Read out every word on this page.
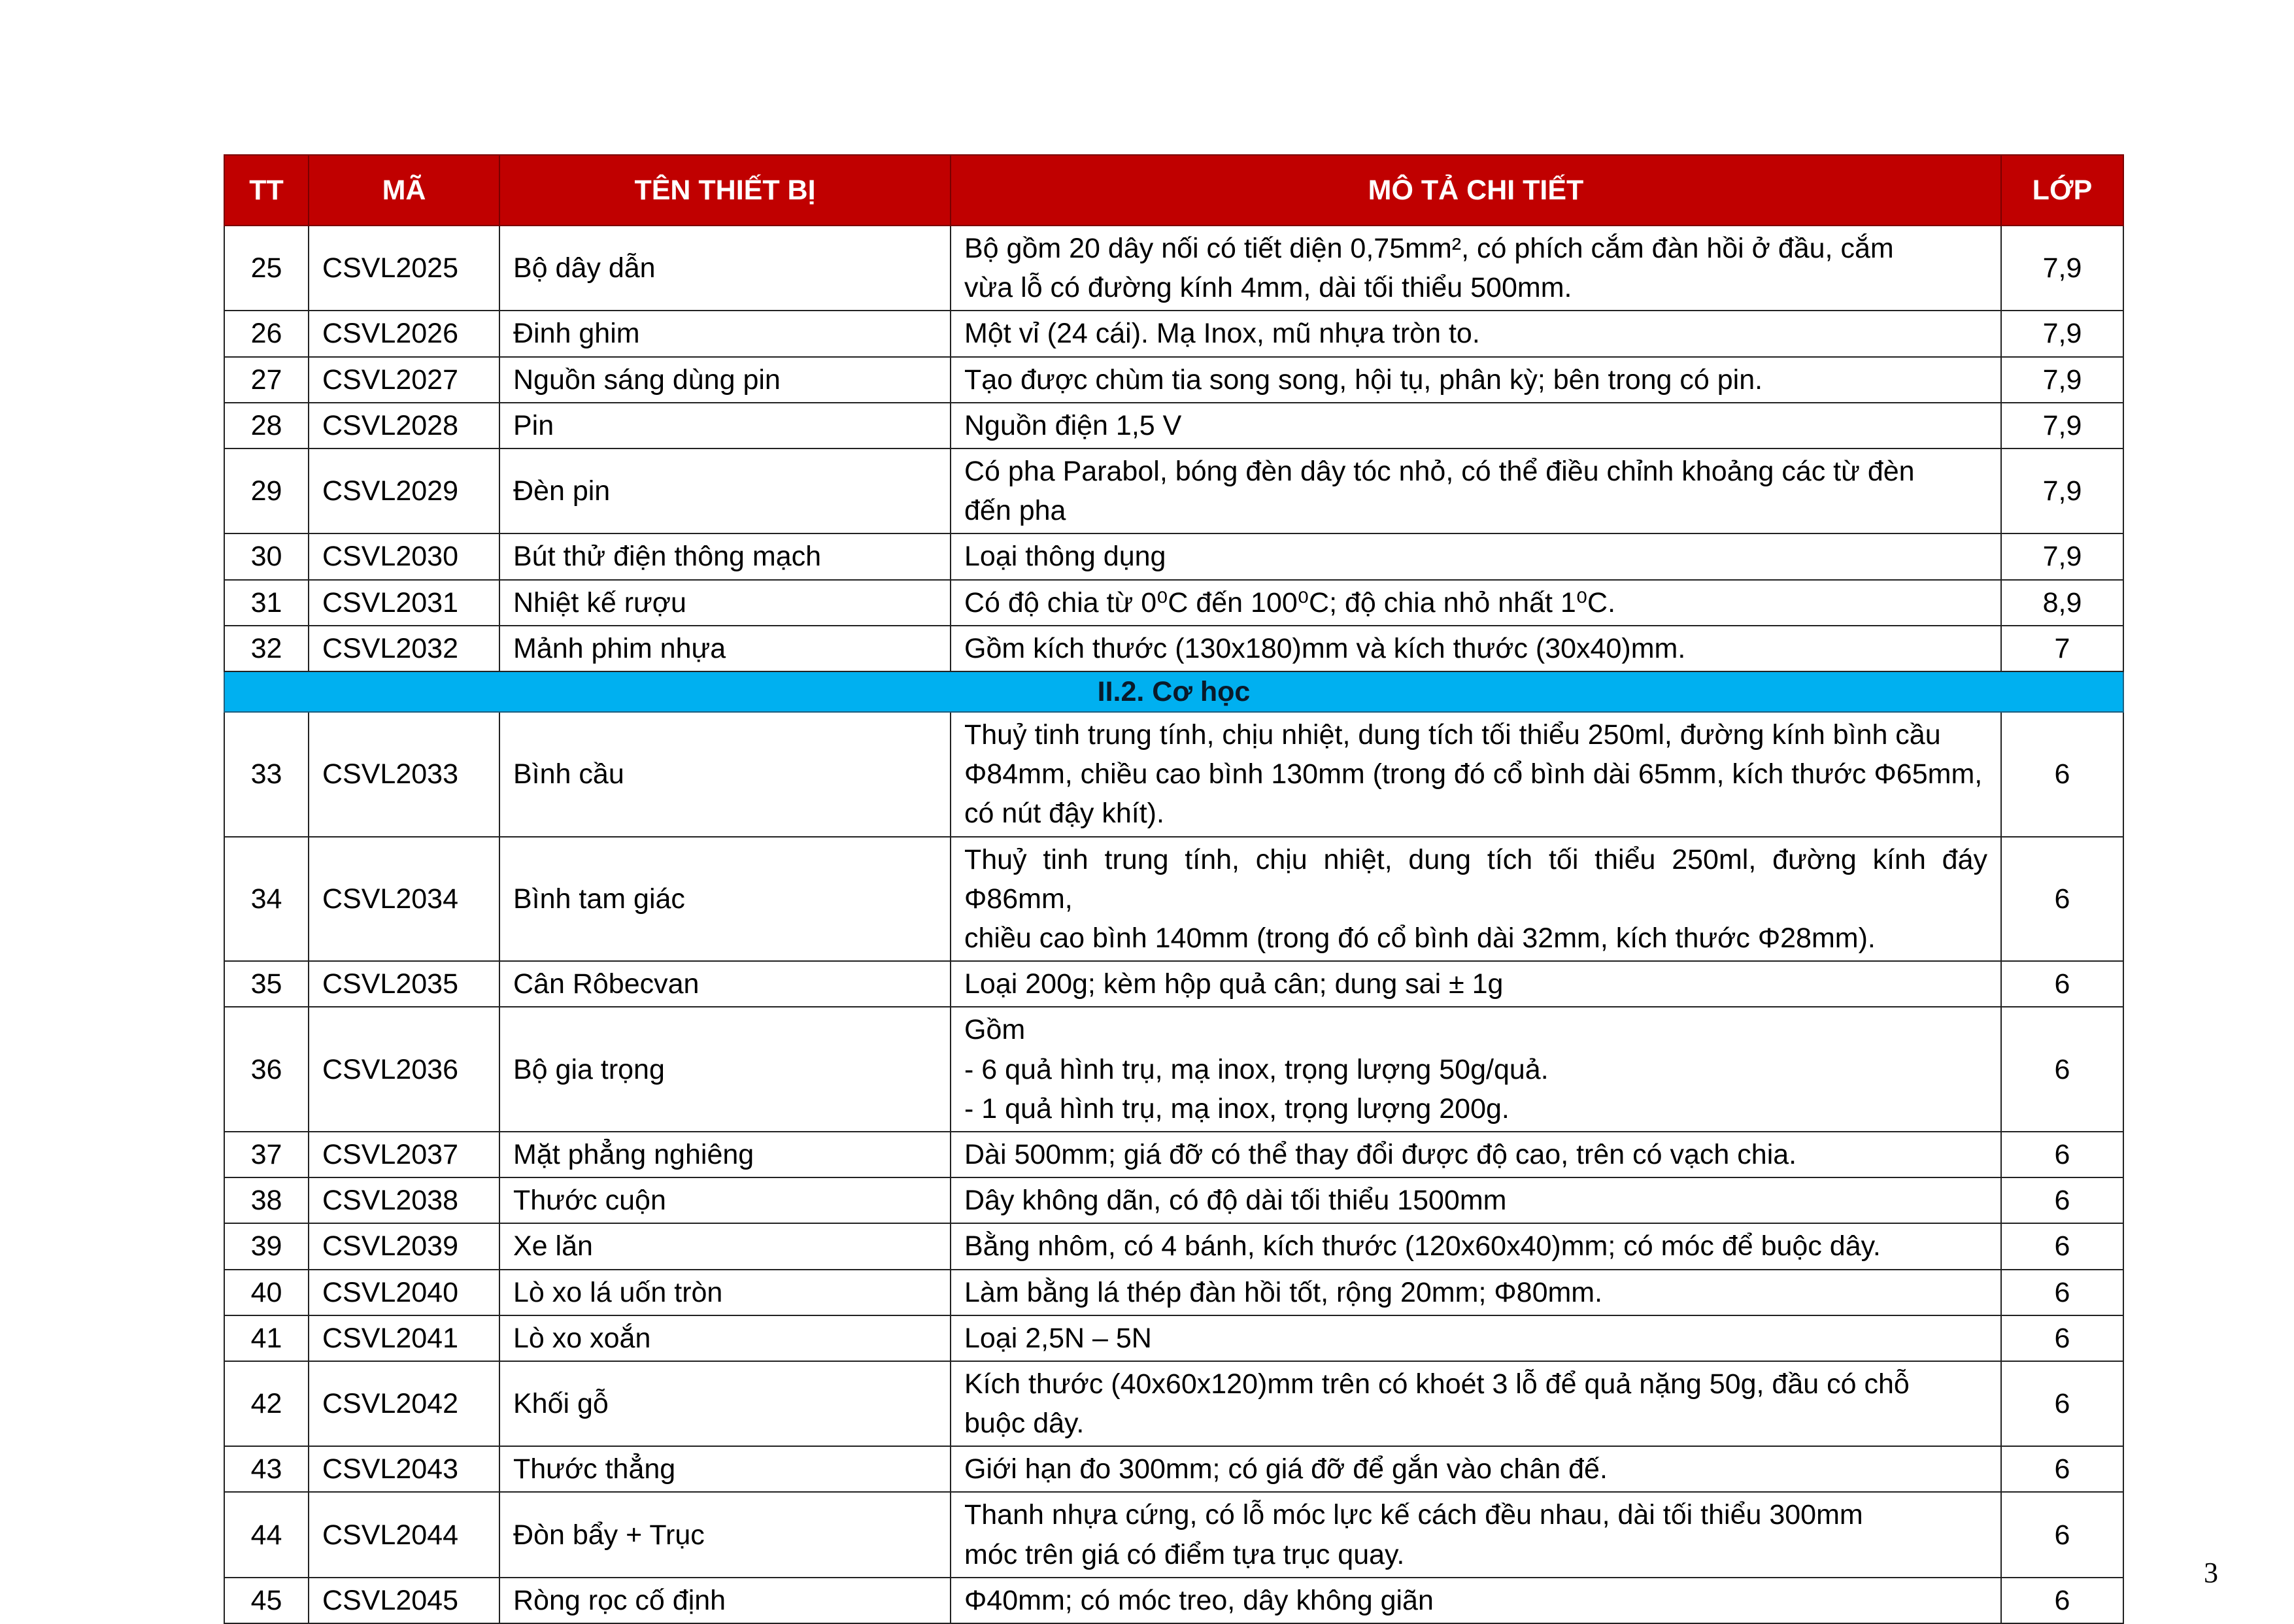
TT	MÃ	TÊN THIẾT BỊ	MÔ TẢ CHI TIẾT	LỚP
25	CSVL2025	Bộ dây dẫn	Bộ gồm 20 dây nối có tiết diện 0,75mm², có phích cắm đàn hồi ở đầu, cắm
vừa lỗ có đường kính 4mm, dài tối thiểu 500mm.	7,9
26	CSVL2026	Đinh ghim	Một vỉ (24 cái). Mạ Inox, mũ nhựa tròn to.	7,9
27	CSVL2027	Nguồn sáng dùng pin	Tạo được chùm tia song song, hội tụ, phân kỳ; bên trong có pin.	7,9
28	CSVL2028	Pin	Nguồn điện 1,5 V	7,9
29	CSVL2029	Đèn pin	Có pha Parabol, bóng đèn dây tóc nhỏ, có thể điều chỉnh khoảng các từ đèn
đến pha	7,9
30	CSVL2030	Bút thử điện thông mạch	Loại thông dụng	7,9
31	CSVL2031	Nhiệt kế rượu	Có độ chia từ 0⁰C đến 100⁰C; độ chia nhỏ nhất 1⁰C.	8,9
32	CSVL2032	Mảnh phim nhựa	Gồm kích thước (130x180)mm và kích thước (30x40)mm.	7
II.2. Cơ học				
33	CSVL2033	Bình cầu	Thuỷ tinh trung tính, chịu nhiệt, dung tích tối thiểu 250ml, đường kính bình cầu
Φ84mm, chiều cao bình 130mm (trong đó cổ bình dài 65mm, kích thước Φ65mm,
có nút đậy khít).	6
34	CSVL2034	Bình tam giác	Thuỷ tinh trung tính, chịu nhiệt, dung tích tối thiểu 250ml, đường kính đáy Φ86mm,
chiều cao bình 140mm (trong đó cổ bình dài 32mm, kích thước Φ28mm).	6
35	CSVL2035	Cân Rôbecvan	Loại 200g; kèm hộp quả cân; dung sai ± 1g	6
36	CSVL2036	Bộ gia trọng	Gồm
- 6 quả hình trụ, mạ inox, trọng lượng 50g/quả.
- 1 quả hình trụ, mạ inox, trọng lượng 200g.	6
37	CSVL2037	Mặt phẳng nghiêng	Dài 500mm; giá đỡ có thể thay đổi được độ cao, trên có vạch chia.	6
38	CSVL2038	Thước cuộn	Dây không dãn, có độ dài tối thiểu 1500mm	6
39	CSVL2039	Xe lăn	Bằng nhôm, có 4 bánh, kích thước (120x60x40)mm; có móc để buộc dây.	6
40	CSVL2040	Lò xo lá uốn tròn	Làm bằng lá thép đàn hồi tốt, rộng 20mm; Φ80mm.	6
41	CSVL2041	Lò xo xoắn	Loại 2,5N – 5N	6
42	CSVL2042	Khối gỗ	Kích thước (40x60x120)mm trên có khoét 3 lỗ để quả nặng 50g, đầu có chỗ
buộc dây.	6
43	CSVL2043	Thước thẳng	Giới hạn đo 300mm; có giá đỡ để gắn vào chân đế.	6
44	CSVL2044	Đòn bẩy + Trục	Thanh nhựa cứng, có lỗ móc lực kế cách đều nhau, dài tối thiểu 300mm
móc trên giá có điểm tựa trục quay.	6
45	CSVL2045	Ròng rọc cố định	Φ40mm; có móc treo, dây không giãn	6
3
